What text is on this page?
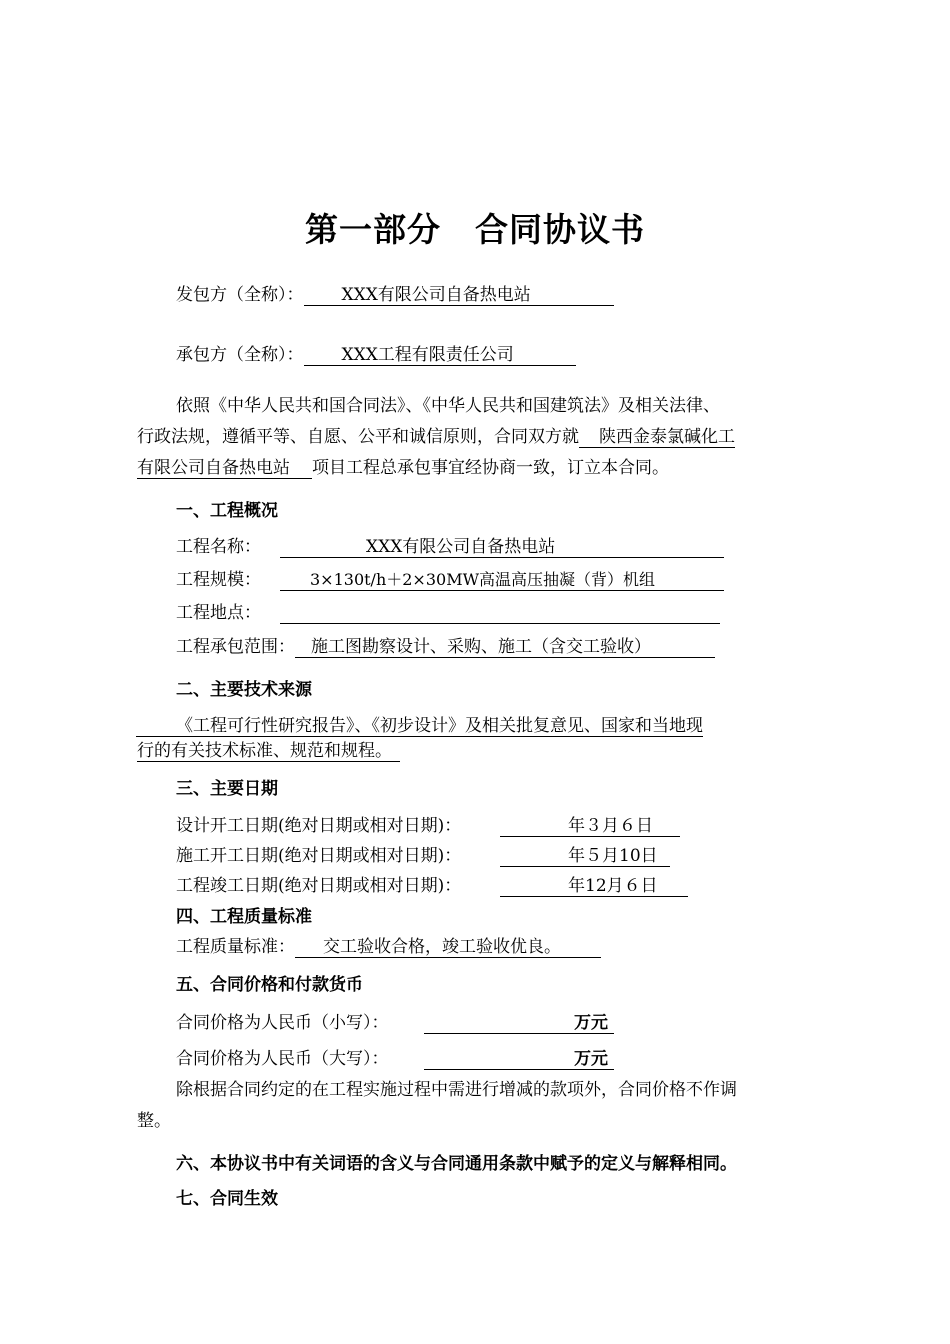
第一部分　合同协议书
发包方（全称）： XXX有限公司自备热电站
承包方（全称）： XXX工程有限责任公司
依照《中华人民共和国合同法》、《中华人民共和国建筑法》及相关法律、
行政法规，遵循平等、自愿、公平和诚信原则，合同双方就 陕西金泰氯碱化工
有限公司自备热电站 项目工程总承包事宜经协商一致，订立本合同。
一、工程概况
工程名称：	XXX有限公司自备热电站
工程规模：	3×130t/h＋2×30MW高温高压抽凝（背）机组
工程地点：
工程承包范围： 施工图勘察设计、采购、施工（含交工验收）
二、主要技术来源
《工程可行性研究报告》、《初步设计》及相关批复意见、国家和当地现
行的有关技术标准、规范和规程。
三、主要日期
设计开工日期(绝对日期或相对日期)：	年３月６日
施工开工日期(绝对日期或相对日期)：	年５月10日
工程竣工日期(绝对日期或相对日期)：	年12月６日
四、工程质量标准
工程质量标准： 交工验收合格，竣工验收优良。
五、合同价格和付款货币
合同价格为人民币（小写）：	万元
合同价格为人民币（大写）：	万元
除根据合同约定的在工程实施过程中需进行增减的款项外，合同价格不作调
整。
六、本协议书中有关词语的含义与合同通用条款中赋予的定义与解释相同。
七、合同生效
